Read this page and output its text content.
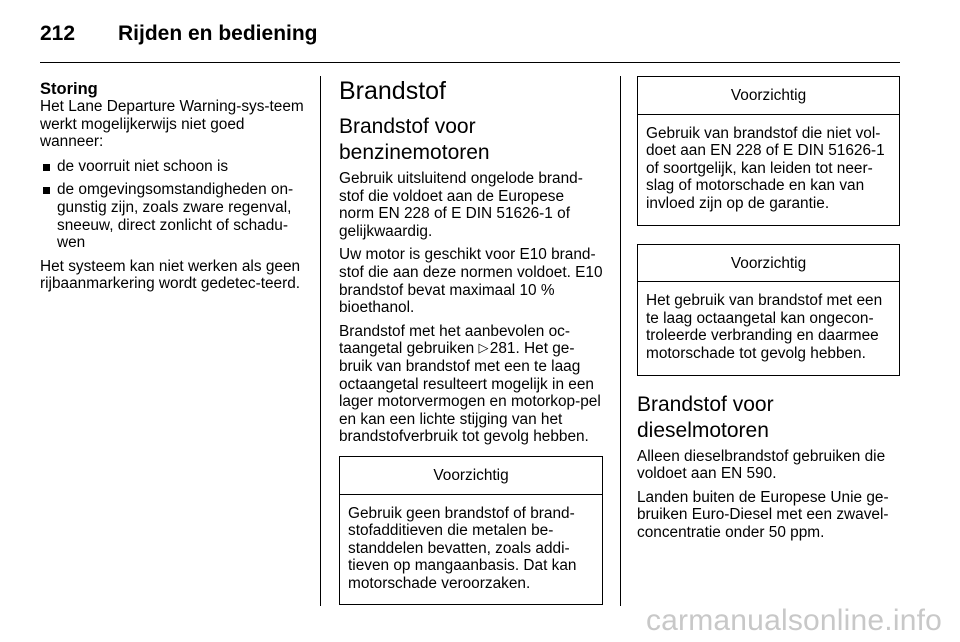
212	Rijden en bediening
Storing

Het Lane Departure Warning-sys-teem werkt mogelijkerwijs niet goed wanneer:

de voorruit niet schoon is
de omgevingsomstandigheden on-gunstig zijn, zoals zware regenval, sneeuw, direct zonlicht of schadu-wen

Het systeem kan niet werken als geen rijbaanmarkering wordt gedetec-teerd.

Brandstof
Brandstof voor benzinemotoren

Gebruik uitsluitend ongelode brand-stof die voldoet aan de Europese norm EN 228 of E DIN 51626-1 of gelijkwaardig.

Uw motor is geschikt voor E10 brand-stof die aan deze normen voldoet. E10 brandstof bevat maximaal 10 % bioethanol.

Brandstof met het aanbevolen oc-taangetal gebruiken ▷ 281. Het ge-bruik van brandstof met een te laag octaangetal resulteert mogelijk in een lager motorvermogen en motorkop-pel en kan een lichte stijging van het brandstofverbruik tot gevolg hebben.

Voorzichtig
Gebruik geen brandstof of brand-stofadditieven die metalen be-standdelen bevatten, zoals addi-tieven op mangaanbasis. Dat kan motorschade veroorzaken.
Voorzichtig
Gebruik van brandstof die niet vol-doet aan EN 228 of E DIN 51626-1 of soortgelijk, kan leiden tot neer-slag of motorschade en kan van invloed zijn op de garantie.
Voorzichtig
Het gebruik van brandstof met een te laag octaangetal kan ongecon-troleerde verbranding en daarmee motorschade tot gevolg hebben.
Brandstof voor dieselmotoren

Alleen dieselbrandstof gebruiken die voldoet aan EN 590.

Landen buiten de Europese Unie ge-bruiken Euro-Diesel met een zwavel-concentratie onder 50 ppm.

carmanualsonline.info
